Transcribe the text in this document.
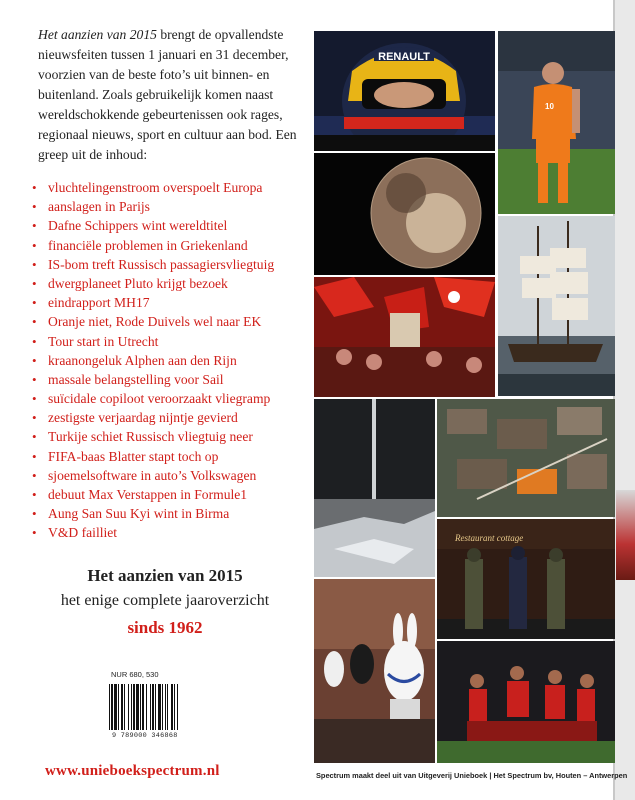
Het aanzien van 2015 brengt de opvallendste nieuwsfeiten tussen 1 januari en 31 december, voorzien van de beste foto’s uit binnen- en buitenland. Zoals gebruikelijk komen naast wereldschokkende gebeurtenissen ook rages, regionaal nieuws, sport en cultuur aan bod. Een greep uit de inhoud:

• vluchtelingenstroom overspoelt Europa
• aanslagen in Parijs
• Dafne Schippers wint wereldtitel
• financiële problemen in Griekenland
• IS-bom treft Russisch passagiersvliegtuig
• dwergplaneet Pluto krijgt bezoek
• eindrapport MH17
• Oranje niet, Rode Duivels wel naar EK
• Tour start in Utrecht
• kraanongeluk Alphen aan den Rijn
• massale belangstelling voor Sail
• suïcidale copiloot veroorzaakt vliegramp
• zestigste verjaardag nijntje gevierd
• Turkije schiet Russisch vliegtuig neer
• FIFA-baas Blatter stapt toch op
• sjoemelsoftware in auto’s Volkswagen
• debuut Max Verstappen in Formule1
• Aung San Suu Kyi wint in Birma
• V&D failliet
Het aanzien van 2015
het enige complete jaaroverzicht
sinds 1962
NUR 680, 530
9 789000 346868
www.unieboekspectrum.nl
RENAULT
10
Restaurant cottage
Spectrum maakt deel uit van Uitgeverij Unieboek | Het Spectrum bv, Houten – Antwerpen
